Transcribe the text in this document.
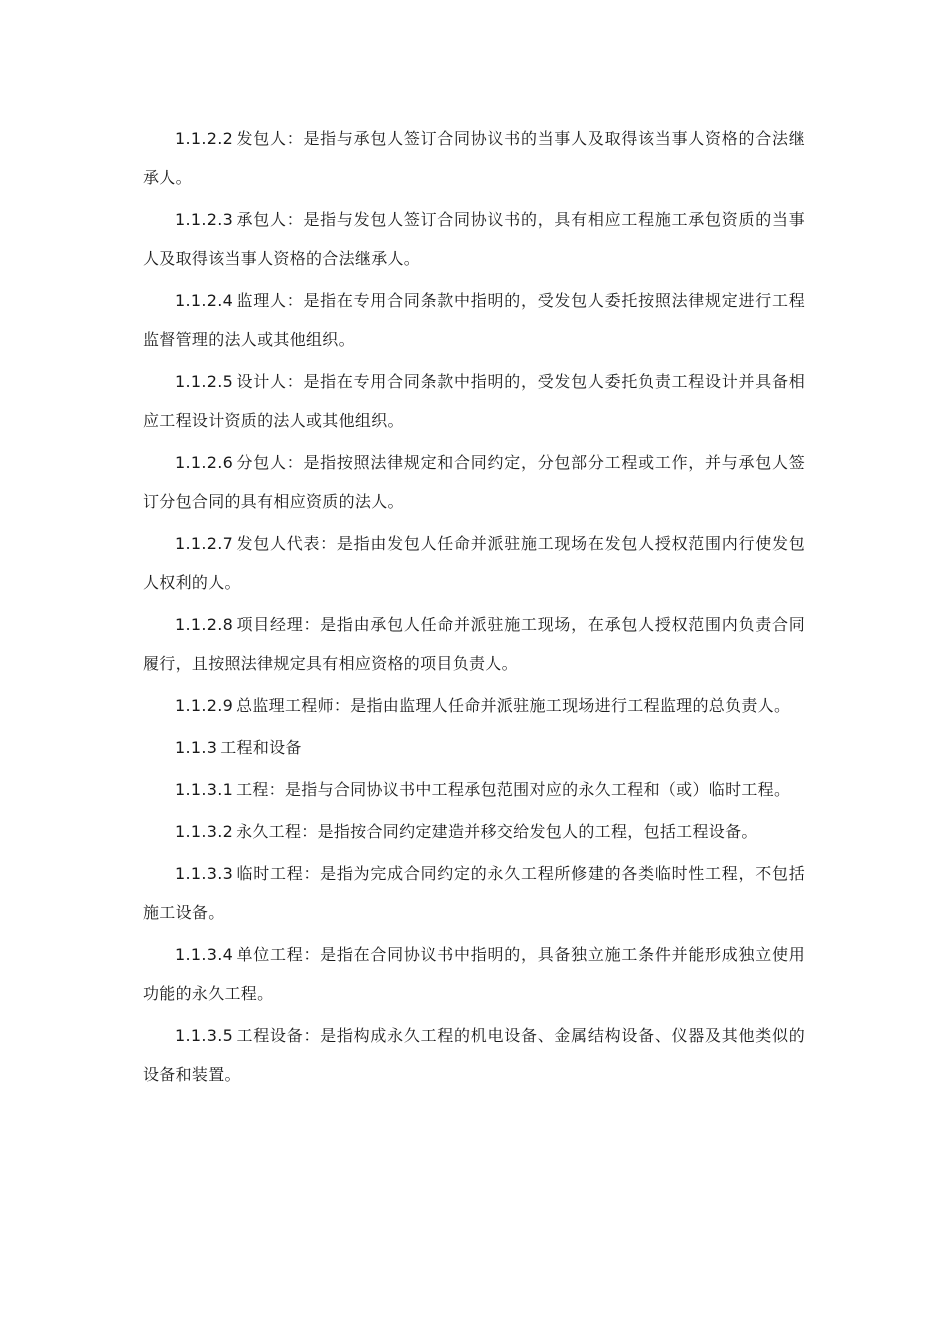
1.1.2.2 发包人：是指与承包人签订合同协议书的当事人及取得该当事人资格的合法继承人。

1.1.2.3 承包人：是指与发包人签订合同协议书的，具有相应工程施工承包资质的当事人及取得该当事人资格的合法继承人。

1.1.2.4 监理人：是指在专用合同条款中指明的，受发包人委托按照法律规定进行工程监督管理的法人或其他组织。

1.1.2.5 设计人：是指在专用合同条款中指明的，受发包人委托负责工程设计并具备相应工程设计资质的法人或其他组织。

1.1.2.6 分包人：是指按照法律规定和合同约定，分包部分工程或工作，并与承包人签订分包合同的具有相应资质的法人。

1.1.2.7 发包人代表：是指由发包人任命并派驻施工现场在发包人授权范围内行使发包人权利的人。

1.1.2.8 项目经理：是指由承包人任命并派驻施工现场，在承包人授权范围内负责合同履行，且按照法律规定具有相应资格的项目负责人。

1.1.2.9 总监理工程师：是指由监理人任命并派驻施工现场进行工程监理的总负责人。

1.1.3 工程和设备

1.1.3.1 工程：是指与合同协议书中工程承包范围对应的永久工程和（或）临时工程。

1.1.3.2 永久工程：是指按合同约定建造并移交给发包人的工程，包括工程设备。

1.1.3.3 临时工程：是指为完成合同约定的永久工程所修建的各类临时性工程，不包括施工设备。

1.1.3.4 单位工程：是指在合同协议书中指明的，具备独立施工条件并能形成独立使用功能的永久工程。

1.1.3.5 工程设备：是指构成永久工程的机电设备、金属结构设备、仪器及其他类似的设备和装置。
